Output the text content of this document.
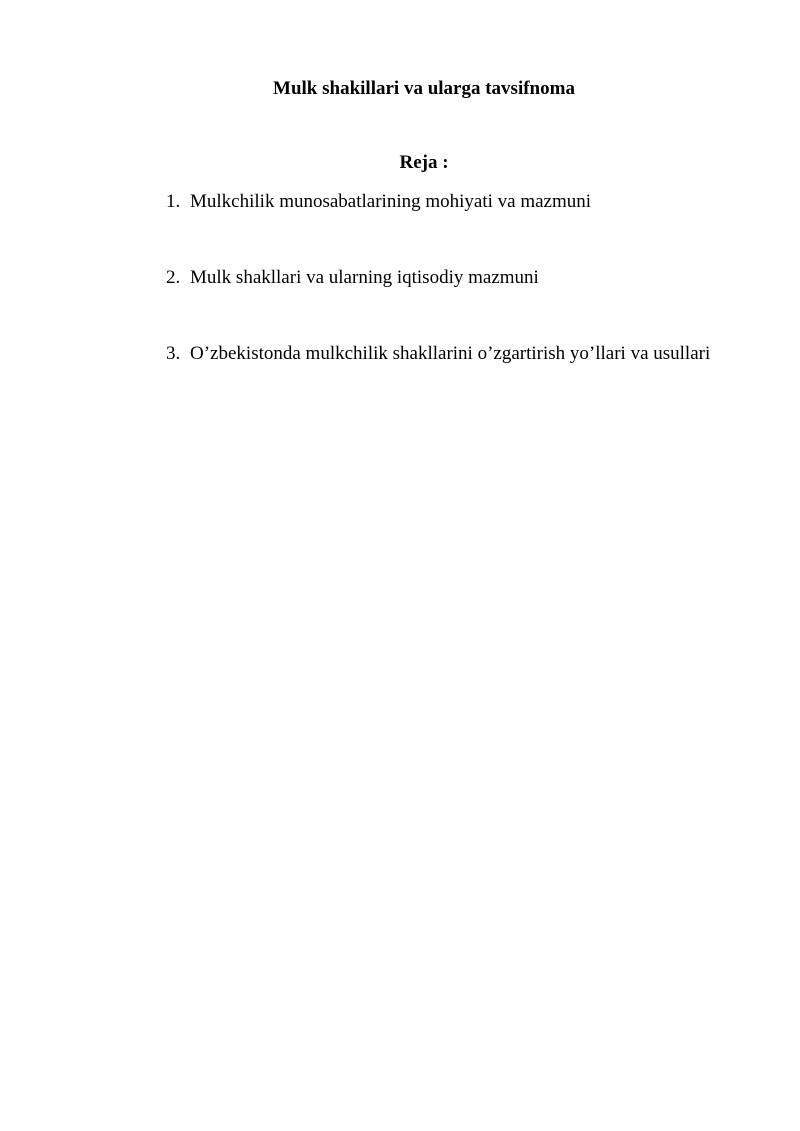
Mulk shakillari va ularga tavsifnoma
Reja :
1. Mulkchilik munosabatlarining mohiyati va mazmuni
2. Mulk shakllari va ularning iqtisodiy mazmuni
3. O’zbekistonda mulkchilik shakllarini o’zgartirish yo’llari va usullari
